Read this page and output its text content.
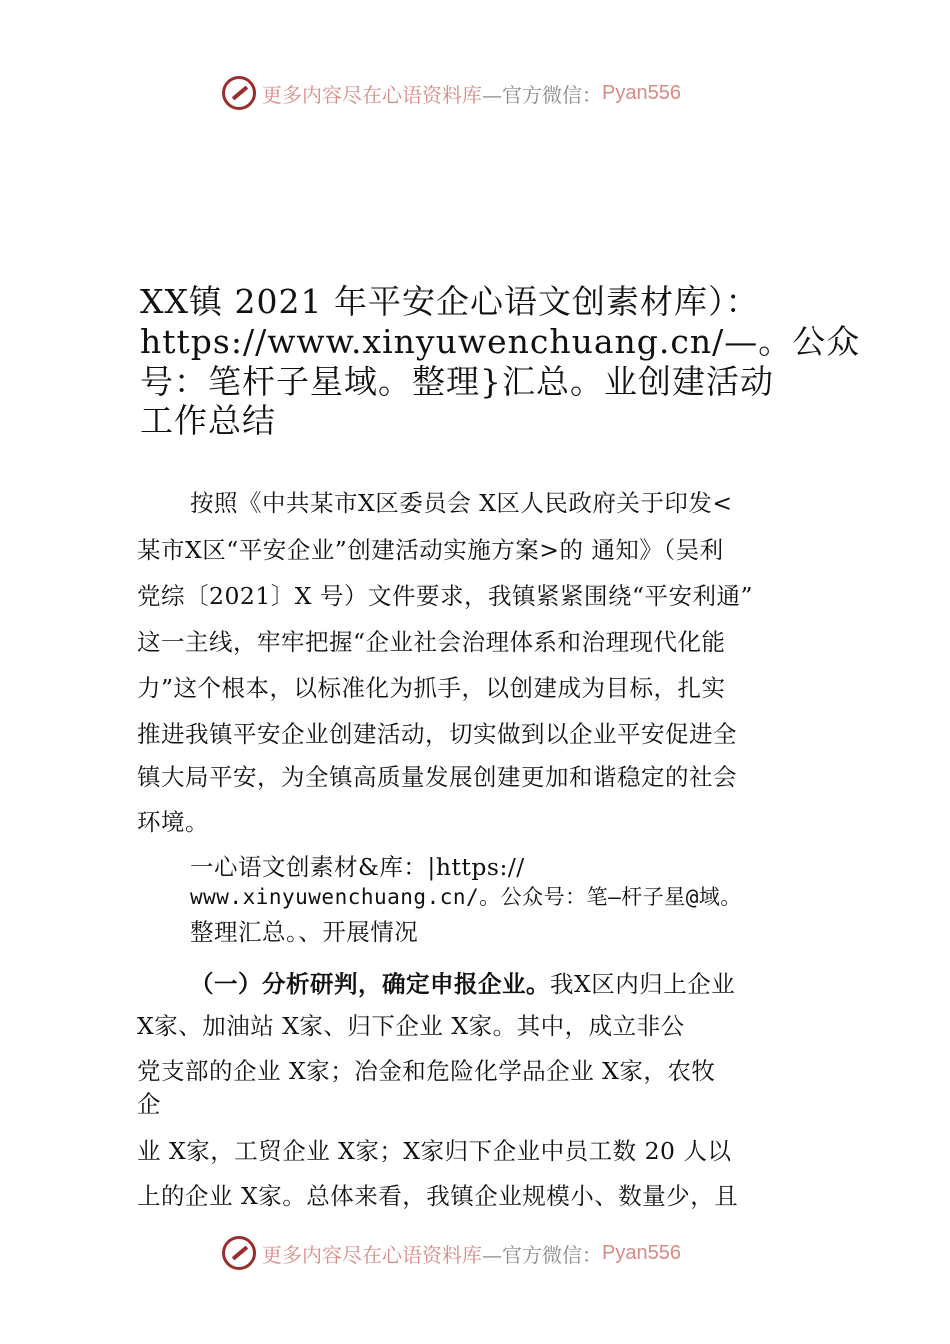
更多内容尽在心语资料库 —官方微信： Pyan556
XX镇 2021 年平安企心语文创素材库）：
https://www.xinyuwenchuang.cn/—。公众
号：笔杆子星域。整理}汇总。业创建活动
工作总结
按照《中共某市X区委员会 X区人民政府关于印发<
某市X区“平安企业”创建活动实施方案>的 通知》（吴利
党综〔2021〕X 号）文件要求，我镇紧紧围绕“平安利通”
这一主线，牢牢把握“企业社会治理体系和治理现代化能
力”这个根本，以标准化为抓手，以创建成为目标，扎实
推进我镇平安企业创建活动，切实做到以企业平安促进全
镇大局平安，为全镇高质量发展创建更加和谐稳定的社会
环境。
一心语文创素材&库：|https://
www.xinyuwenchuang.cn/。公众号：笔—杆子星@域。
整理汇总。、开展情况
（一）分析研判，确定申报企业。我X区内归上企业
X家、加油站 X家、归下企业 X家。其中，成立非公
党支部的企业 X家；冶金和危险化学品企业 X家，农牧
企
业 X家，工贸企业 X家；X家归下企业中员工数 20 人以
上的企业 X家。总体来看，我镇企业规模小、数量少，且
更多内容尽在心语资料库 —官方微信： Pyan556
